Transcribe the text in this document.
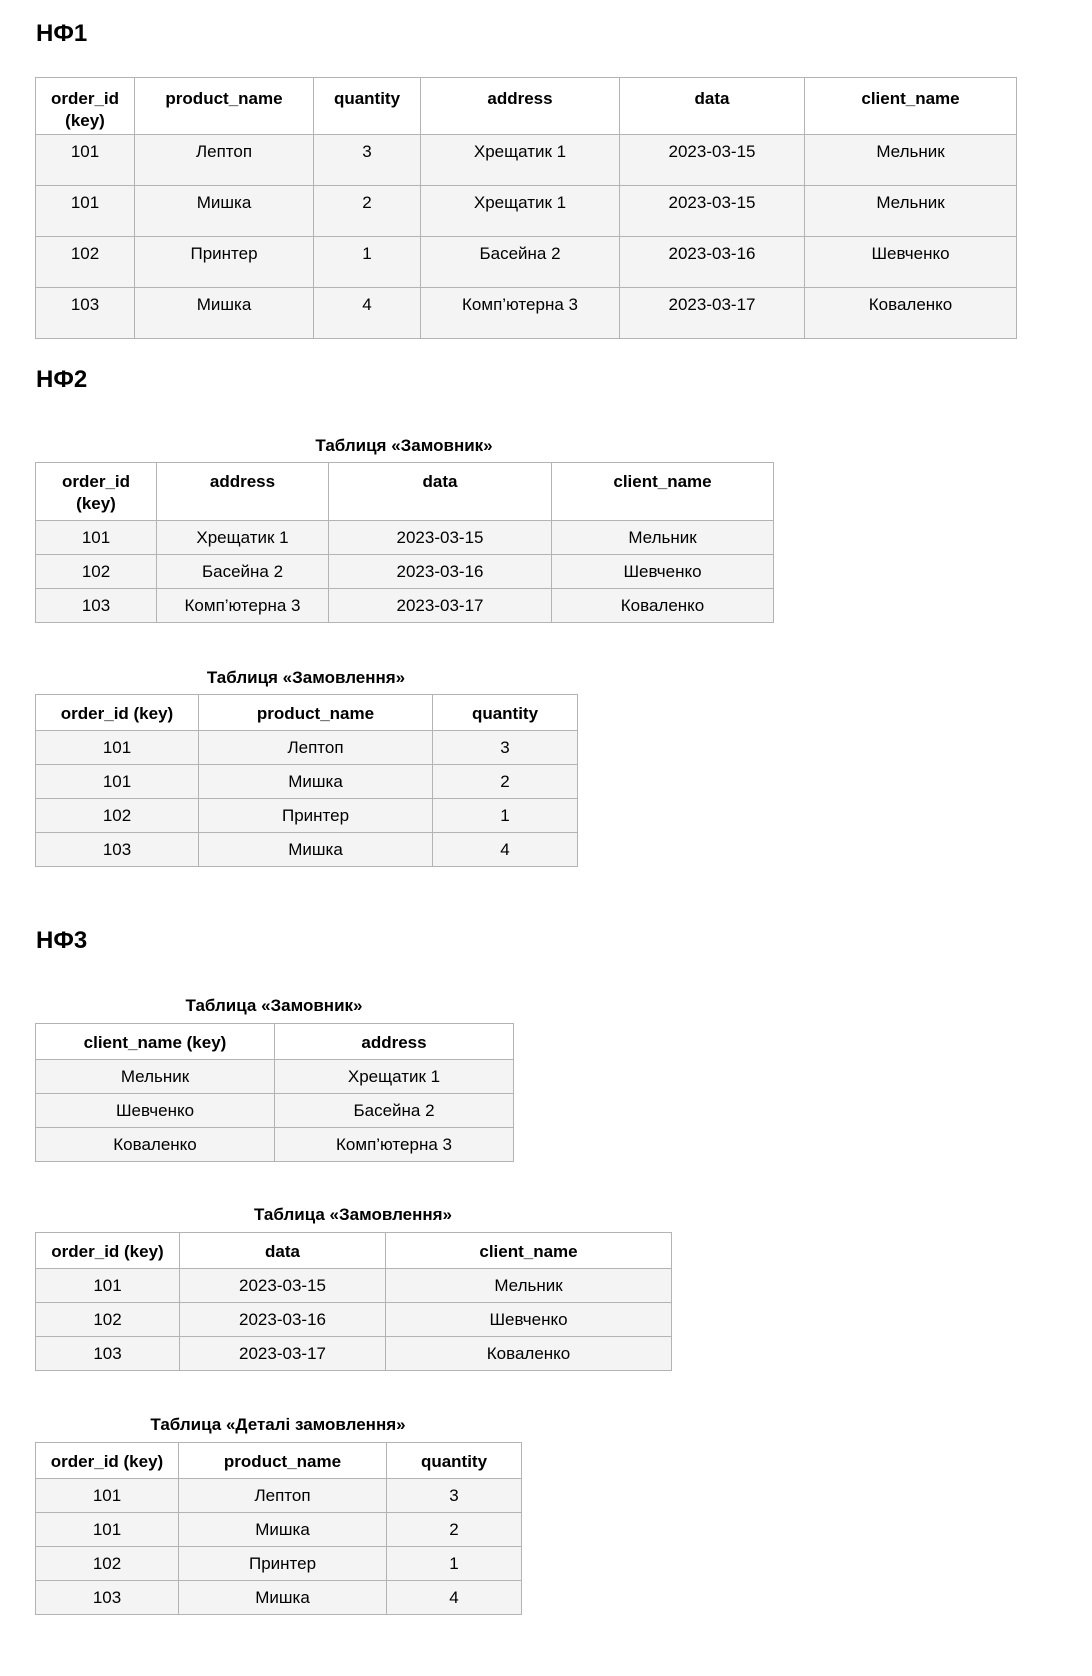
НФ1
order_id (key)	product_name	quantity	address	data	client_name
101	Лептоп	3	Хрещатик 1	2023-03-15	Мельник
101	Мишка	2	Хрещатик 1	2023-03-15	Мельник
102	Принтер	1	Басейна 2	2023-03-16	Шевченко
103	Мишка	4	Комп’ютерна 3	2023-03-17	Коваленко
НФ2

Таблиця «Замовник»

order_id (key)	address	data	client_name
101	Хрещатик 1	2023-03-15	Мельник
102	Басейна 2	2023-03-16	Шевченко
103	Комп’ютерна 3	2023-03-17	Коваленко

Таблиця «Замовлення»

order_id (key)	product_name	quantity
101	Лептоп	3
101	Мишка	2
102	Принтер	1
103	Мишка	4
НФ3

Таблица «Замовник»

client_name (key)	address
Мельник	Хрещатик 1
Шевченко	Басейна 2
Коваленко	Комп’ютерна 3

Таблица «Замовлення»

order_id (key)	data	client_name
101	2023-03-15	Мельник
102	2023-03-16	Шевченко
103	2023-03-17	Коваленко

Таблица «Деталі замовлення»

order_id (key)	product_name	quantity
101	Лептоп	3
101	Мишка	2
102	Принтер	1
103	Мишка	4
